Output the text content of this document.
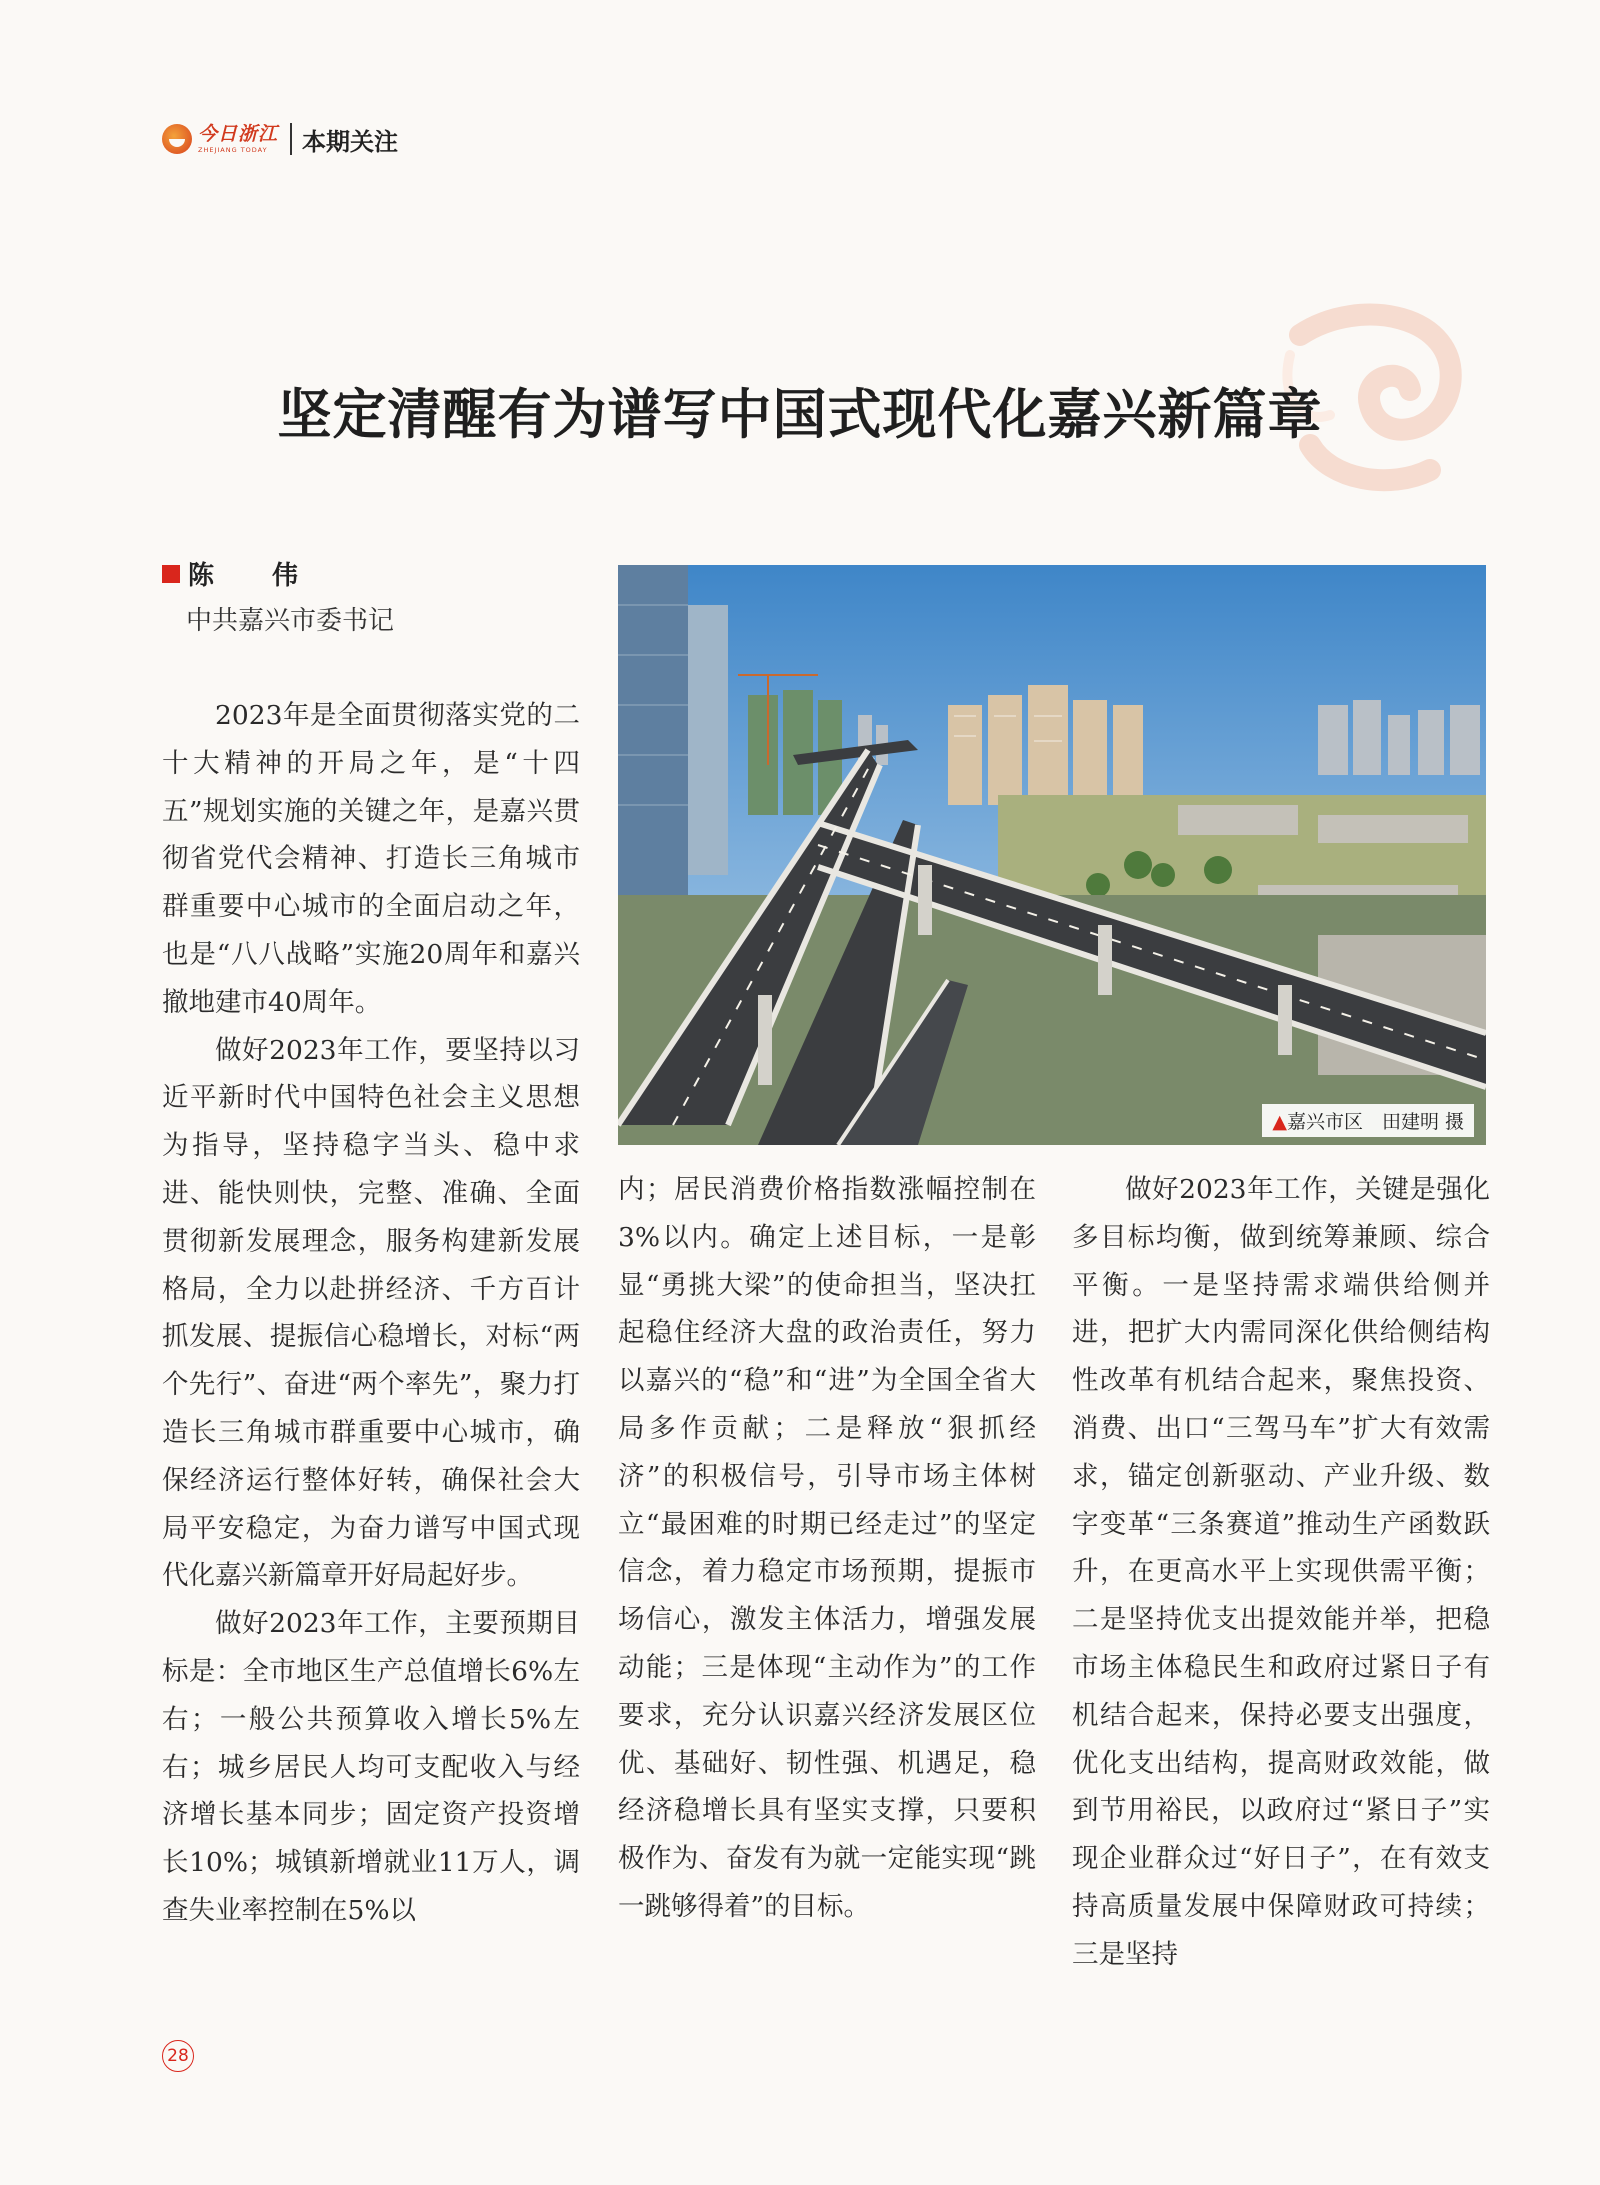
今日浙江
ZHEJIANG TODAY	本期关注
坚定清醒有为谱写中国式现代化嘉兴新篇章
陈　伟
中共嘉兴市委书记
▲嘉兴市区　田建明 摄

2023年是全面贯彻落实党的二十大精神的开局之年，是“十四五”规划实施的关键之年，是嘉兴贯彻省党代会精神、打造长三角城市群重要中心城市的全面启动之年，也是“八八战略”实施20周年和嘉兴撤地建市40周年。

做好2023年工作，要坚持以习近平新时代中国特色社会主义思想为指导，坚持稳字当头、稳中求进、能快则快，完整、准确、全面贯彻新发展理念，服务构建新发展格局，全力以赴拼经济、千方百计抓发展、提振信心稳增长，对标“两个先行”、奋进“两个率先”，聚力打造长三角城市群重要中心城市，确保经济运行整体好转，确保社会大局平安稳定，为奋力谱写中国式现代化嘉兴新篇章开好局起好步。

做好2023年工作，主要预期目标是：全市地区生产总值增长6%左右；一般公共预算收入增长5%左右；城乡居民人均可支配收入与经济增长基本同步；固定资产投资增长10%；城镇新增就业11万人，调查失业率控制在5%以

内；居民消费价格指数涨幅控制在3%以内。确定上述目标，一是彰显“勇挑大梁”的使命担当，坚决扛起稳住经济大盘的政治责任，努力以嘉兴的“稳”和“进”为全国全省大局多作贡献；二是释放“狠抓经济”的积极信号，引导市场主体树立“最困难的时期已经走过”的坚定信念，着力稳定市场预期，提振市场信心，激发主体活力，增强发展动能；三是体现“主动作为”的工作要求，充分认识嘉兴经济发展区位优、基础好、韧性强、机遇足，稳经济稳增长具有坚实支撑，只要积极作为、奋发有为就一定能实现“跳一跳够得着”的目标。

做好2023年工作，关键是强化多目标均衡，做到统筹兼顾、综合平衡。一是坚持需求端供给侧并进，把扩大内需同深化供给侧结构性改革有机结合起来，聚焦投资、消费、出口“三驾马车”扩大有效需求，锚定创新驱动、产业升级、数字变革“三条赛道”推动生产函数跃升，在更高水平上实现供需平衡；二是坚持优支出提效能并举，把稳市场主体稳民生和政府过紧日子有机结合起来，保持必要支出强度，优化支出结构，提高财政效能，做到节用裕民，以政府过“紧日子”实现企业群众过“好日子”，在有效支持高质量发展中保障财政可持续；三是坚持

28
